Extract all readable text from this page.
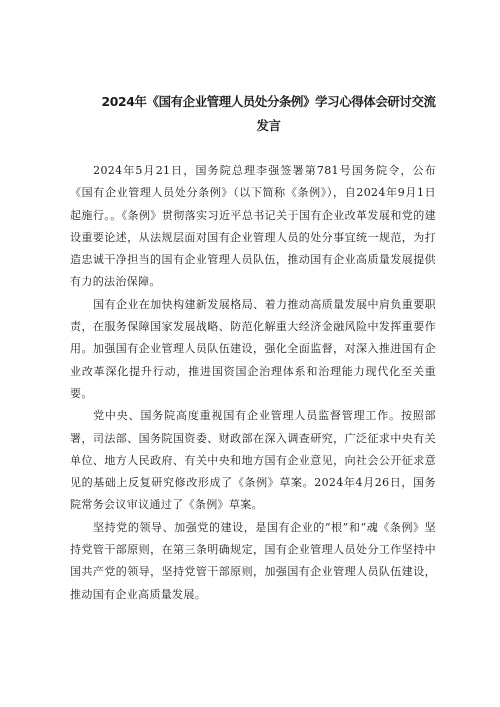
2024年《国有企业管理人员处分条例》学习心得体会研讨交流发言

2024年5月21日，国务院总理李强签署第781号国务院令，公布《国有企业管理人员处分条例》（以下简称《条例》），自2024年9月1日起施行。。《条例》贯彻落实习近平总书记关于国有企业改革发展和党的建设重要论述，从法规层面对国有企业管理人员的处分事宜统一规范，为打造忠诚干净担当的国有企业管理人员队伍，推动国有企业高质量发展提供有力的法治保障。

国有企业在加快构建新发展格局、着力推动高质量发展中肩负重要职责，在服务保障国家发展战略、防范化解重大经济金融风险中发挥重要作用。加强国有企业管理人员队伍建设，强化全面监督，对深入推进国有企业改革深化提升行动，推进国资国企治理体系和治理能力现代化至关重要。

党中央、国务院高度重视国有企业管理人员监督管理工作。按照部署，司法部、国务院国资委、财政部在深入调查研究，广泛征求中央有关单位、地方人民政府、有关中央和地方国有企业意见，向社会公开征求意见的基础上反复研究修改形成了《条例》草案。2024年4月26日，国务院常务会议审议通过了《条例》草案。

坚持党的领导、加强党的建设，是国有企业的“根”和“魂《条例》坚持党管干部原则，在第三条明确规定，国有企业管理人员处分工作坚持中国共产党的领导，坚持党管干部原则，加强国有企业管理人员队伍建设，推动国有企业高质量发展。
